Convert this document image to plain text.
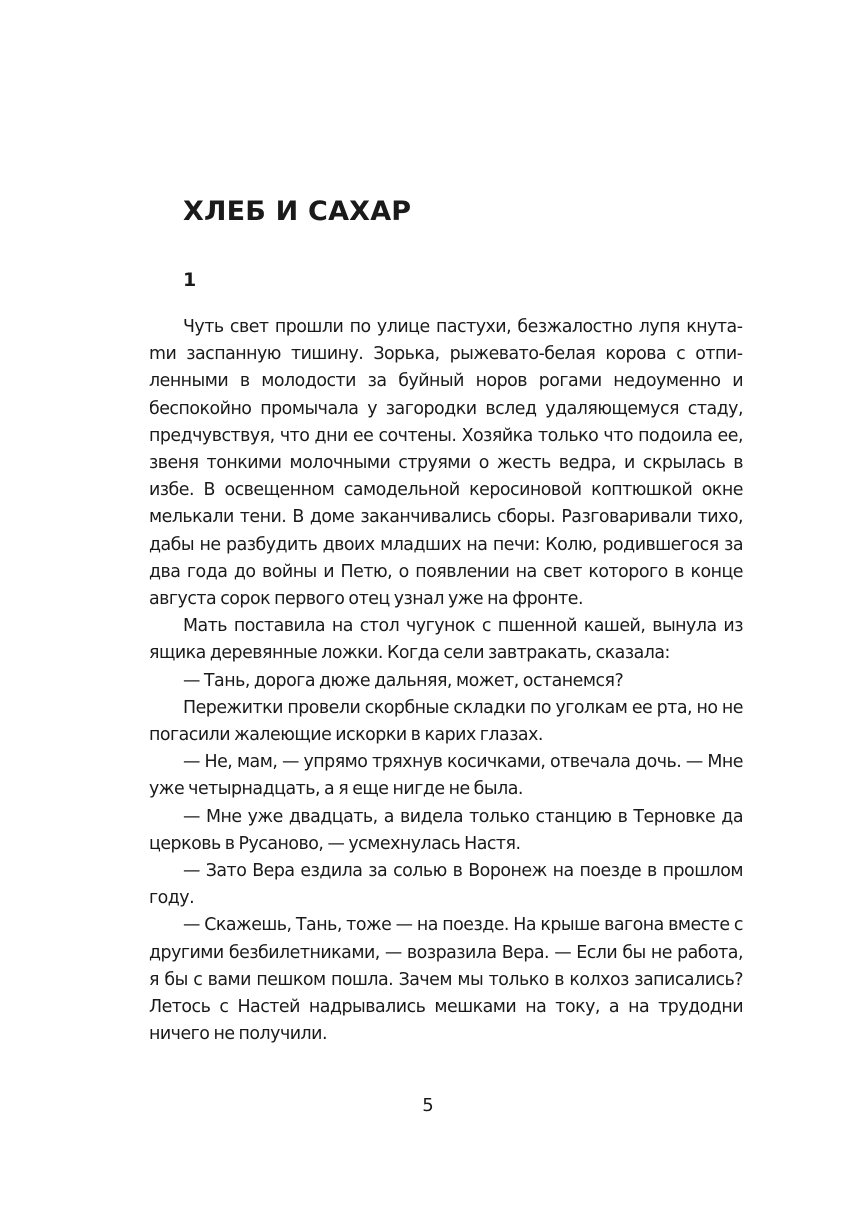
ХЛЕБ И САХАР
1

Чуть свет прошли по улице пастухи, безжалостно лупя кнутаmи заспанную тишину. Зорька, рыжевато-белая корова с отпиленными в молодости за буйный норов рогами недоуменно и беспокойно промычала у загородки вслед удаляющемуся стаду, предчувствуя, что дни ее сочтены. Хозяйка только что подоила ее, звеня тонкими молочными струями о жесть ведра, и скрылась в избе. В освещенном самодельной керосиновой коптюшкой окне мелькали тени. В доме заканчивались сборы. Разговаривали тихо, дабы не разбудить двоих младших на печи: Колю, родившегося за два года до войны и Петю, о появлении на свет которого в конце августа сорок первого отец узнал уже на фронте.

Мать поставила на стол чугунок с пшенной кашей, вынула из ящика деревянные ложки. Когда сели завтракать, сказала:

— Тань, дорога дюже дальняя, может, останемся?

Пережитки провели скорбные складки по уголкам ее рта, но не погасили жалеющие искорки в карих глазах.

— Не, мам, — упрямо тряхнув косичками, отвечала дочь. — Мне уже четырнадцать, а я еще нигде не была.

— Мне уже двадцать, а видела только станцию в Терновке да церковь в Русаново, — усмехнулась Настя.

— Зато Вера ездила за солью в Воронеж на поезде в прошлом году.

— Скажешь, Тань, тоже — на поезде. На крыше вагона вместе с другими безбилетниками, — возразила Вера. — Если бы не работа, я бы с вами пешком пошла. Зачем мы только в колхоз записались? Летось с Настей надрывались мешками на току, а на трудодни ничего не получили.

5
